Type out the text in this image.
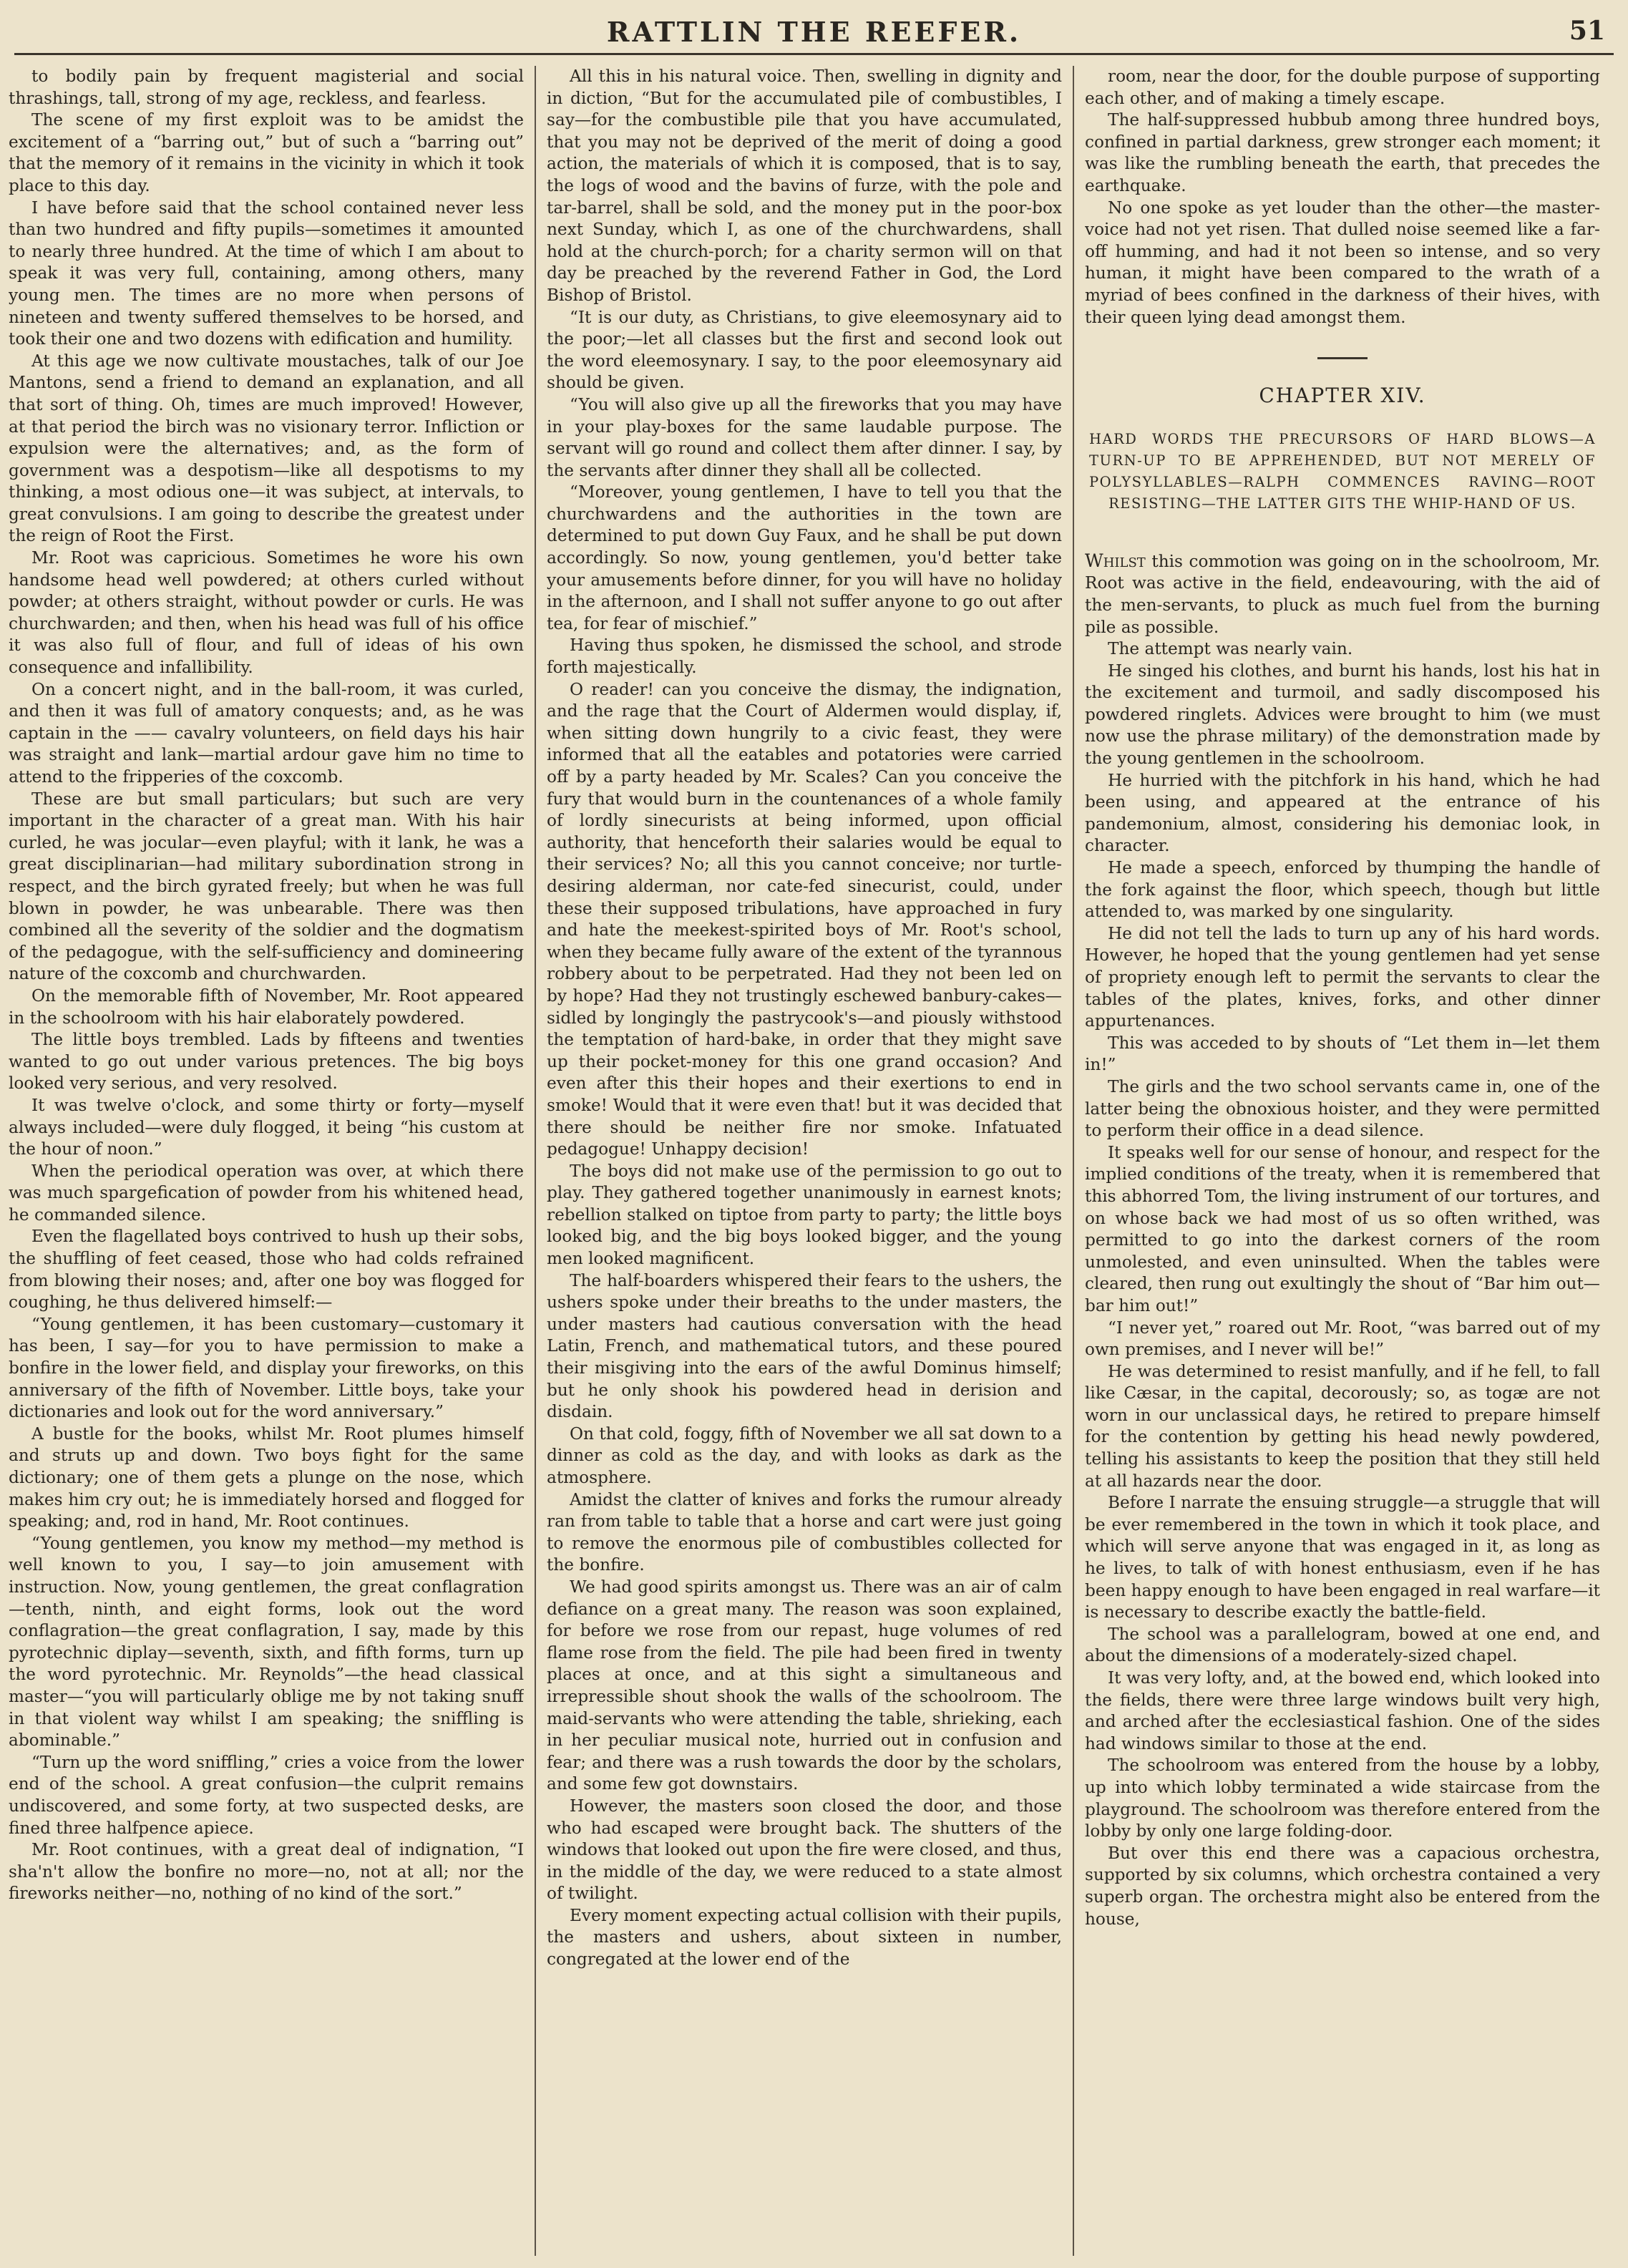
RATTLIN THE REEFER.	51

to bodily pain by frequent magisterial and social thrashings, tall, strong of my age, reckless, and fearless.

The scene of my first exploit was to be amidst the excitement of a “barring out,” but of such a “barring out” that the memory of it remains in the vicinity in which it took place to this day.

I have before said that the school contained never less than two hundred and fifty pupils—sometimes it amounted to nearly three hundred. At the time of which I am about to speak it was very full, containing, among others, many young men. The times are no more when persons of nineteen and twenty suffered themselves to be horsed, and took their one and two dozens with edification and humility.

At this age we now cultivate moustaches, talk of our Joe Mantons, send a friend to demand an explanation, and all that sort of thing. Oh, times are much improved! However, at that period the birch was no visionary terror. Infliction or expulsion were the alternatives; and, as the form of government was a despotism—like all despotisms to my thinking, a most odious one—it was subject, at intervals, to great convulsions. I am going to describe the greatest under the reign of Root the First.

Mr. Root was capricious. Sometimes he wore his own handsome head well powdered; at others curled without powder; at others straight, without powder or curls. He was churchwarden; and then, when his head was full of his office it was also full of flour, and full of ideas of his own consequence and infallibility.

On a concert night, and in the ball-room, it was curled, and then it was full of amatory conquests; and, as he was captain in the —— cavalry volunteers, on field days his hair was straight and lank—martial ardour gave him no time to attend to the fripperies of the coxcomb.

These are but small particulars; but such are very important in the character of a great man. With his hair curled, he was jocular—even playful; with it lank, he was a great disciplinarian—had military subordination strong in respect, and the birch gyrated freely; but when he was full blown in powder, he was unbearable. There was then combined all the severity of the soldier and the dogmatism of the pedagogue, with the self-sufficiency and domineering nature of the coxcomb and churchwarden.

On the memorable fifth of November, Mr. Root appeared in the schoolroom with his hair elaborately powdered.

The little boys trembled. Lads by fifteens and twenties wanted to go out under various pretences. The big boys looked very serious, and very resolved.

It was twelve o'clock, and some thirty or forty—myself always included—were duly flogged, it being “his custom at the hour of noon.”

When the periodical operation was over, at which there was much spargefication of powder from his whitened head, he commanded silence.

Even the flagellated boys contrived to hush up their sobs, the shuffling of feet ceased, those who had colds refrained from blowing their noses; and, after one boy was flogged for coughing, he thus delivered himself:—

“Young gentlemen, it has been customary—customary it has been, I say—for you to have permission to make a bonfire in the lower field, and display your fireworks, on this anniversary of the fifth of November. Little boys, take your dictionaries and look out for the word anniversary.”

A bustle for the books, whilst Mr. Root plumes himself and struts up and down. Two boys fight for the same dictionary; one of them gets a plunge on the nose, which makes him cry out; he is immediately horsed and flogged for speaking; and, rod in hand, Mr. Root continues.

“Young gentlemen, you know my method—my method is well known to you, I say—to join amusement with instruction. Now, young gentlemen, the great conflagration—tenth, ninth, and eight forms, look out the word conflagration—the great conflagration, I say, made by this pyrotechnic diplay—seventh, sixth, and fifth forms, turn up the word pyrotechnic. Mr. Reynolds”—the head classical master—“you will particularly oblige me by not taking snuff in that violent way whilst I am speaking; the sniffling is abominable.”

“Turn up the word sniffling,” cries a voice from the lower end of the school. A great confusion—the culprit remains undiscovered, and some forty, at two suspected desks, are fined three halfpence apiece.

Mr. Root continues, with a great deal of indignation, “I sha'n't allow the bonfire no more—no, not at all; nor the fireworks neither—no, nothing of no kind of the sort.”

All this in his natural voice. Then, swelling in dignity and in diction, “But for the accumulated pile of combustibles, I say—for the combustible pile that you have accumulated, that you may not be deprived of the merit of doing a good action, the materials of which it is composed, that is to say, the logs of wood and the bavins of furze, with the pole and tar-barrel, shall be sold, and the money put in the poor-box next Sunday, which I, as one of the churchwardens, shall hold at the church-porch; for a charity sermon will on that day be preached by the reverend Father in God, the Lord Bishop of Bristol.

“It is our duty, as Christians, to give eleemosynary aid to the poor;—let all classes but the first and second look out the word eleemosynary. I say, to the poor eleemosynary aid should be given.

“You will also give up all the fireworks that you may have in your play-boxes for the same laudable purpose. The servant will go round and collect them after dinner. I say, by the servants after dinner they shall all be collected.

“Moreover, young gentlemen, I have to tell you that the churchwardens and the authorities in the town are determined to put down Guy Faux, and he shall be put down accordingly. So now, young gentlemen, you'd better take your amusements before dinner, for you will have no holiday in the afternoon, and I shall not suffer anyone to go out after tea, for fear of mischief.”

Having thus spoken, he dismissed the school, and strode forth majestically.

O reader! can you conceive the dismay, the indignation, and the rage that the Court of Aldermen would display, if, when sitting down hungrily to a civic feast, they were informed that all the eatables and potatories were carried off by a party headed by Mr. Scales? Can you conceive the fury that would burn in the countenances of a whole family of lordly sinecurists at being informed, upon official authority, that henceforth their salaries would be equal to their services? No; all this you cannot conceive; nor turtle-desiring alderman, nor cate-fed sinecurist, could, under these their supposed tribulations, have approached in fury and hate the meekest-spirited boys of Mr. Root's school, when they became fully aware of the extent of the tyrannous robbery about to be perpetrated. Had they not been led on by hope? Had they not trustingly eschewed banbury-cakes—sidled by longingly the pastrycook's—and piously withstood the temptation of hard-bake, in order that they might save up their pocket-money for this one grand occasion? And even after this their hopes and their exertions to end in smoke! Would that it were even that! but it was decided that there should be neither fire nor smoke. Infatuated pedagogue! Unhappy decision!

The boys did not make use of the permission to go out to play. They gathered together unanimously in earnest knots; rebellion stalked on tiptoe from party to party; the little boys looked big, and the big boys looked bigger, and the young men looked magnificent.

The half-boarders whispered their fears to the ushers, the ushers spoke under their breaths to the under masters, the under masters had cautious conversation with the head Latin, French, and mathematical tutors, and these poured their misgiving into the ears of the awful Dominus himself; but he only shook his powdered head in derision and disdain.

On that cold, foggy, fifth of November we all sat down to a dinner as cold as the day, and with looks as dark as the atmosphere.

Amidst the clatter of knives and forks the rumour already ran from table to table that a horse and cart were just going to remove the enormous pile of combustibles collected for the bonfire.

We had good spirits amongst us. There was an air of calm defiance on a great many. The reason was soon explained, for before we rose from our repast, huge volumes of red flame rose from the field. The pile had been fired in twenty places at once, and at this sight a simultaneous and irrepressible shout shook the walls of the schoolroom. The maid-servants who were attending the table, shrieking, each in her peculiar musical note, hurried out in confusion and fear; and there was a rush towards the door by the scholars, and some few got downstairs.

However, the masters soon closed the door, and those who had escaped were brought back. The shutters of the windows that looked out upon the fire were closed, and thus, in the middle of the day, we were reduced to a state almost of twilight.

Every moment expecting actual collision with their pupils, the masters and ushers, about sixteen in number, congregated at the lower end of the

room, near the door, for the double purpose of supporting each other, and of making a timely escape.

The half-suppressed hubbub among three hundred boys, confined in partial darkness, grew stronger each moment; it was like the rumbling beneath the earth, that precedes the earthquake.

No one spoke as yet louder than the other—the master-voice had not yet risen. That dulled noise seemed like a far-off humming, and had it not been so intense, and so very human, it might have been compared to the wrath of a myriad of bees confined in the darkness of their hives, with their queen lying dead amongst them.

CHAPTER XIV.
HARD WORDS THE PRECURSORS OF HARD BLOWS—A TURN-UP TO BE APPREHENDED, BUT NOT MERELY OF POLYSYLLABLES—RALPH COMMENCES RAVING—ROOT RESISTING—THE LATTER GITS THE WHIP-HAND OF US.

Whilst this commotion was going on in the schoolroom, Mr. Root was active in the field, endeavouring, with the aid of the men-servants, to pluck as much fuel from the burning pile as possible.

The attempt was nearly vain.

He singed his clothes, and burnt his hands, lost his hat in the excitement and turmoil, and sadly discomposed his powdered ringlets. Advices were brought to him (we must now use the phrase military) of the demonstration made by the young gentlemen in the schoolroom.

He hurried with the pitchfork in his hand, which he had been using, and appeared at the entrance of his pandemonium, almost, considering his demoniac look, in character.

He made a speech, enforced by thumping the handle of the fork against the floor, which speech, though but little attended to, was marked by one singularity.

He did not tell the lads to turn up any of his hard words. However, he hoped that the young gentlemen had yet sense of propriety enough left to permit the servants to clear the tables of the plates, knives, forks, and other dinner appurtenances.

This was acceded to by shouts of “Let them in—let them in!”

The girls and the two school servants came in, one of the latter being the obnoxious hoister, and they were permitted to perform their office in a dead silence.

It speaks well for our sense of honour, and respect for the implied conditions of the treaty, when it is remembered that this abhorred Tom, the living instrument of our tortures, and on whose back we had most of us so often writhed, was permitted to go into the darkest corners of the room unmolested, and even uninsulted. When the tables were cleared, then rung out exultingly the shout of “Bar him out—bar him out!”

“I never yet,” roared out Mr. Root, “was barred out of my own premises, and I never will be!”

He was determined to resist manfully, and if he fell, to fall like Cæsar, in the capital, decorously; so, as togæ are not worn in our unclassical days, he retired to prepare himself for the contention by getting his head newly powdered, telling his assistants to keep the position that they still held at all hazards near the door.

Before I narrate the ensuing struggle—a struggle that will be ever remembered in the town in which it took place, and which will serve anyone that was engaged in it, as long as he lives, to talk of with honest enthusiasm, even if he has been happy enough to have been engaged in real warfare—it is necessary to describe exactly the battle-field.

The school was a parallelogram, bowed at one end, and about the dimensions of a moderately-sized chapel.

It was very lofty, and, at the bowed end, which looked into the fields, there were three large windows built very high, and arched after the ecclesiastical fashion. One of the sides had windows similar to those at the end.

The schoolroom was entered from the house by a lobby, up into which lobby terminated a wide staircase from the playground. The schoolroom was therefore entered from the lobby by only one large folding-door.

But over this end there was a capacious orchestra, supported by six columns, which orchestra contained a very superb organ. The orchestra might also be entered from the house,
